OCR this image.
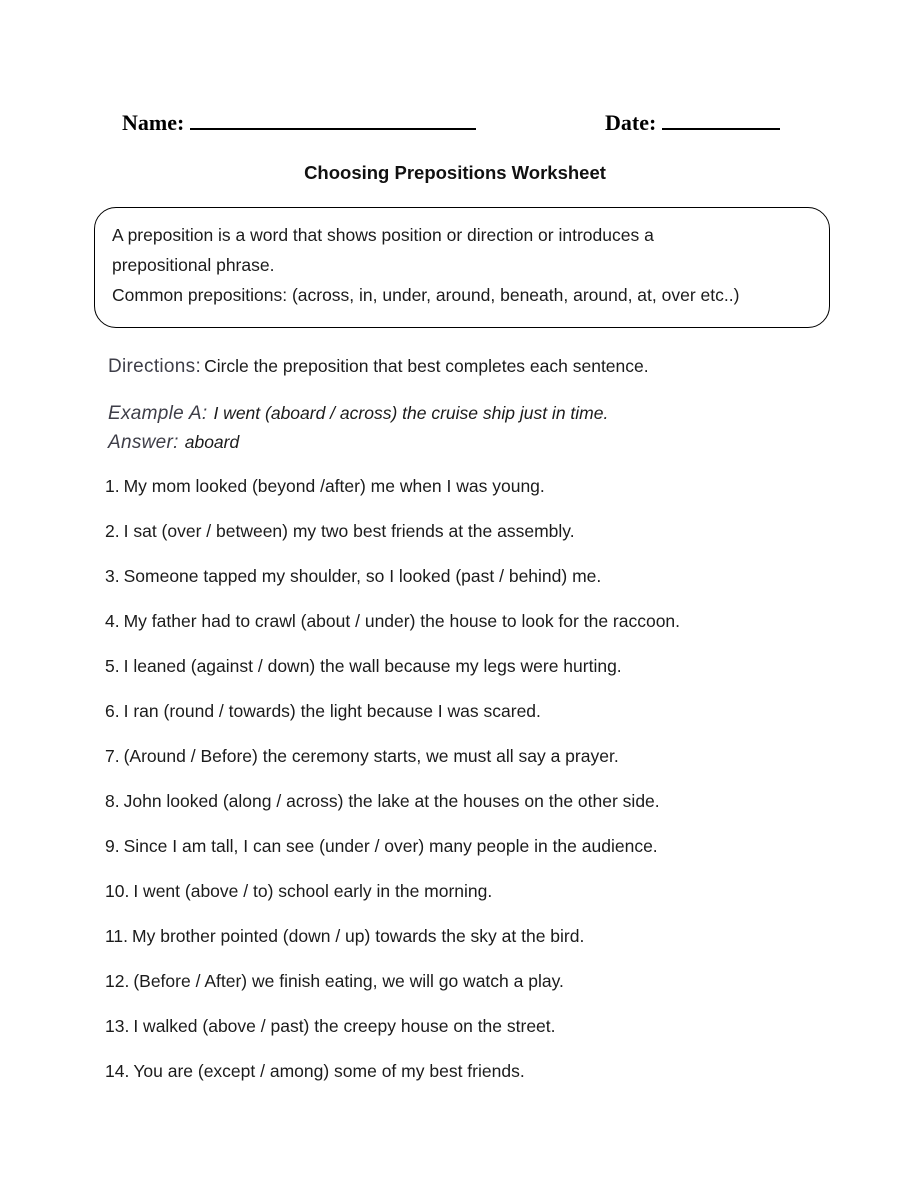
Name:	Date:
Choosing Prepositions Worksheet
A preposition is a word that shows position or direction or introduces a
prepositional phrase.
Common prepositions: (across, in, under, around, beneath, around, at, over etc..)
Directions: Circle the preposition that best completes each sentence.
Example A: I went (aboard / across) the cruise ship just in time.
Answer: aboard
1. My mom looked (beyond /after) me when I was young.
2. I sat (over / between) my two best friends at the assembly.
3. Someone tapped my shoulder, so I looked (past / behind) me.
4. My father had to crawl (about / under) the house to look for the raccoon.
5. I leaned (against / down) the wall because my legs were hurting.
6. I ran (round / towards) the light because I was scared.
7. (Around / Before) the ceremony starts, we must all say a prayer.
8. John looked (along / across) the lake at the houses on the other side.
9. Since I am tall, I can see (under / over) many people in the audience.
10. I went (above / to) school early in the morning.
11. My brother pointed (down / up) towards the sky at the bird.
12. (Before / After) we finish eating, we will go watch a play.
13. I walked (above / past) the creepy house on the street.
14. You are (except / among) some of my best friends.
